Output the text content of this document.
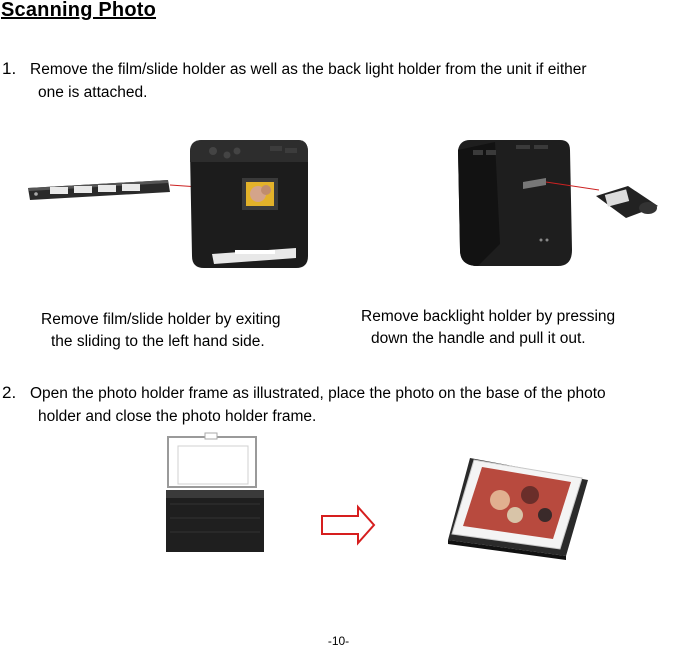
Scanning Photo
1. Remove the film/slide holder as well as the back light holder from the unit if either
one is attached.
Remove film/slide holder by exiting
the sliding to the left hand side.
Remove backlight holder by pressing
down the handle and pull it out.
2. Open the photo holder frame as illustrated, place the photo on the base of the photo
holder and close the photo holder frame.
-10-
